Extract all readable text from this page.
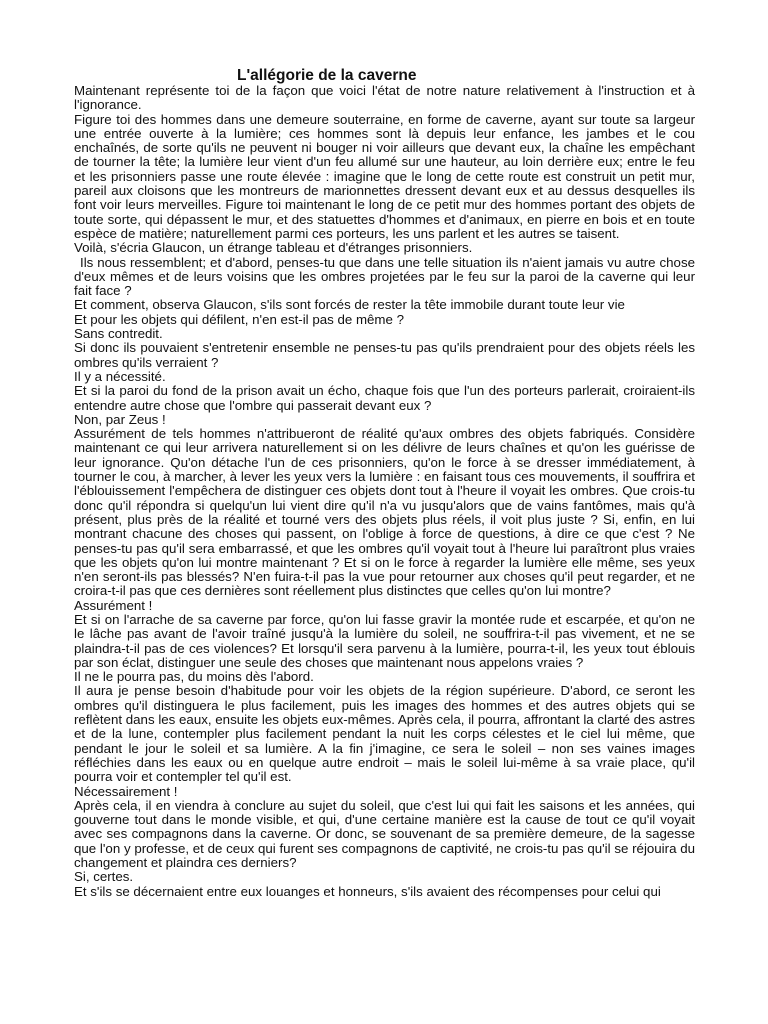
L'allégorie de la caverne

Maintenant représente toi de la façon que voici l'état de notre nature relativement à l'instruction et à l'ignorance.

Figure toi des hommes dans une demeure souterraine, en forme de caverne, ayant sur toute sa largeur une entrée ouverte à la lumière; ces hommes sont là depuis leur enfance, les jambes et le cou enchaînés, de sorte qu'ils ne peuvent ni bouger ni voir ailleurs que devant eux, la chaîne les empêchant de tourner la tête; la lumière leur vient d'un feu allumé sur une hauteur, au loin derrière eux; entre le feu et les prisonniers passe une route élevée : imagine que le long de cette route est construit un petit mur, pareil aux cloisons que les montreurs de marionnettes dressent devant eux et au dessus desquelles ils font voir leurs merveilles. Figure toi maintenant le long de ce petit mur des hommes portant des objets de toute sorte, qui dépassent le mur, et des statuettes d'hommes et d'animaux, en pierre en bois et en toute espèce de matière; naturellement parmi ces porteurs, les uns parlent et les autres se taisent.

Voilà, s'écria Glaucon, un étrange tableau et d'étranges prisonniers.

Ils nous ressemblent; et d'abord, penses-tu que dans une telle situation ils n'aient jamais vu autre chose d'eux mêmes et de leurs voisins que les ombres projetées par le feu sur la paroi de la caverne qui leur fait face ?

Et comment, observa Glaucon, s'ils sont forcés de rester la tête immobile durant toute leur vie

Et pour les objets qui défilent, n'en est-il pas de même ?

Sans contredit.

Si donc ils pouvaient s'entretenir ensemble ne penses-tu pas qu'ils prendraient pour des objets réels les ombres qu'ils verraient ?

Il y a nécessité.

Et si la paroi du fond de la prison avait un écho, chaque fois que l'un des porteurs parlerait, croiraient-ils entendre autre chose que l'ombre qui passerait devant eux ?

Non, par Zeus !

Assurément de tels hommes n'attribueront de réalité qu'aux ombres des objets fabriqués. Considère maintenant ce qui leur arrivera naturellement si on les délivre de leurs chaînes et qu'on les guérisse de leur ignorance. Qu'on détache l'un de ces prisonniers, qu'on le force à se dresser immédiatement, à tourner le cou, à marcher, à lever les yeux vers la lumière : en faisant tous ces mouvements, il souffrira et l'éblouissement l'empêchera de distinguer ces objets dont tout à l'heure il voyait les ombres. Que crois-tu donc qu'il répondra si quelqu'un lui vient dire qu'il n'a vu jusqu'alors que de vains fantômes, mais qu'à présent, plus près de la réalité et tourné vers des objets plus réels, il voit plus juste ? Si, enfin, en lui montrant chacune des choses qui passent, on l'oblige à force de questions, à dire ce que c'est ? Ne penses-tu pas qu'il sera embarrassé, et que les ombres qu'il voyait tout à l'heure lui paraîtront plus vraies que les objets qu'on lui montre maintenant ? Et si on le force à regarder la lumière elle même, ses yeux n'en seront-ils pas blessés? N'en fuira-t-il pas la vue pour retourner aux choses qu'il peut regarder, et ne croira-t-il pas que ces dernières sont réellement plus distinctes que celles qu'on lui montre?

Assurément !

Et si on l'arrache de sa caverne par force, qu'on lui fasse gravir la montée rude et escarpée, et qu'on ne le lâche pas avant de l'avoir traîné jusqu'à la lumière du soleil, ne souffrira-t-il pas vivement, et ne se plaindra-t-il pas de ces violences? Et lorsqu'il sera parvenu à la lumière, pourra-t-il, les yeux tout éblouis par son éclat, distinguer une seule des choses que maintenant nous appelons vraies ?

Il ne le pourra pas, du moins dès l'abord.

Il aura je pense besoin d'habitude pour voir les objets de la région supérieure. D'abord, ce seront les ombres qu'il distinguera le plus facilement, puis les images des hommes et des autres objets qui se reflètent dans les eaux, ensuite les objets eux-mêmes. Après cela, il pourra, affrontant la clarté des astres et de la lune, contempler plus facilement pendant la nuit les corps célestes et le ciel lui même, que pendant le jour le soleil et sa lumière. A la fin j'imagine, ce sera le soleil – non ses vaines images réfléchies dans les eaux ou en quelque autre endroit – mais le soleil lui-même à sa vraie place, qu'il pourra voir et contempler tel qu'il est.

Nécessairement !

Après cela, il en viendra à conclure au sujet du soleil, que c'est lui qui fait les saisons et les années, qui gouverne tout dans le monde visible, et qui, d'une certaine manière est la cause de tout ce qu'il voyait avec ses compagnons dans la caverne. Or donc, se souvenant de sa première demeure, de la sagesse que l'on y professe, et de ceux qui furent ses compagnons de captivité, ne crois-tu pas qu'il se réjouira du changement et plaindra ces derniers?

Si, certes.

Et s'ils se décernaient entre eux louanges et honneurs, s'ils avaient des récompenses pour celui qui
